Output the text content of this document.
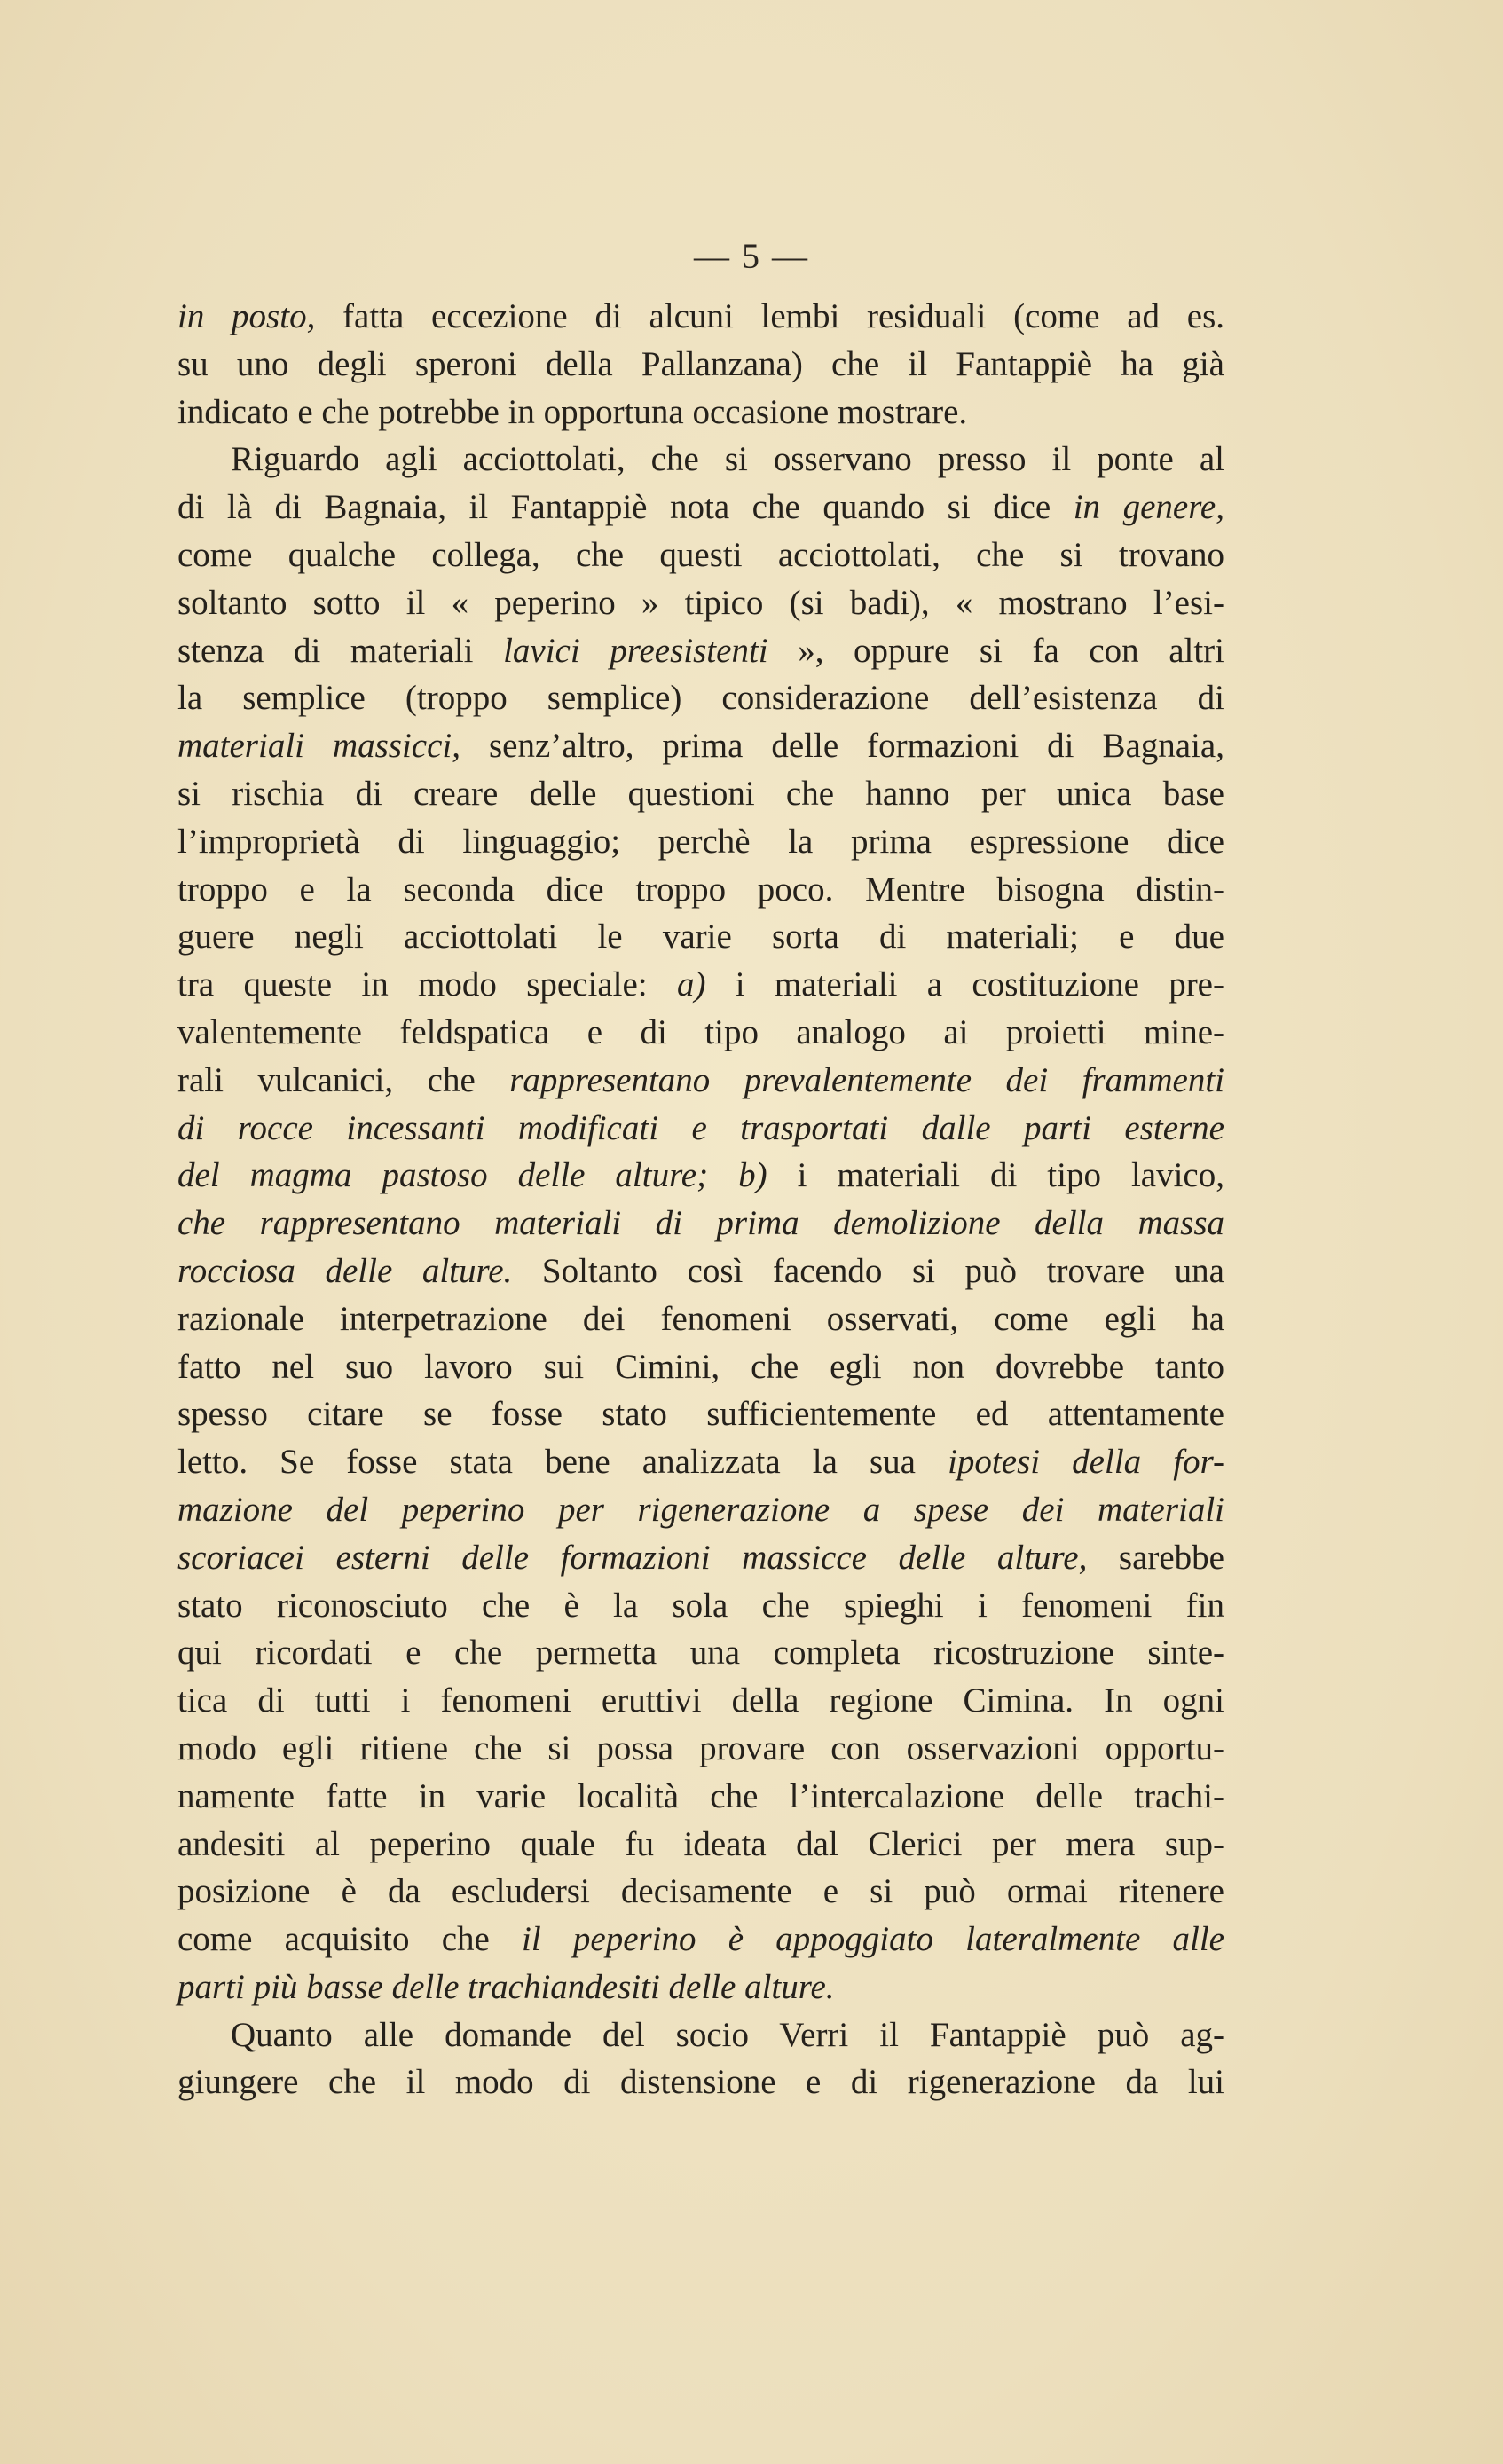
— 5 —
in posto, fatta eccezione di alcuni lembi residuali (come ad es.
su uno degli speroni della Pallanzana) che il Fantappiè ha già
indicato e che potrebbe in opportuna occasione mostrare.
Riguardo agli acciottolati, che si osservano presso il ponte al
di là di Bagnaia, il Fantappiè nota che quando si dice in genere,
come qualche collega, che questi acciottolati, che si trovano
soltanto sotto il « peperino » tipico (si badi), « mostrano l’esi-
stenza di materiali lavici preesistenti », oppure si fa con altri
la semplice (troppo semplice) considerazione dell’esistenza di
materiali massicci, senz’altro, prima delle formazioni di Bagnaia,
si rischia di creare delle questioni che hanno per unica base
l’improprietà di linguaggio; perchè la prima espressione dice
troppo e la seconda dice troppo poco. Mentre bisogna distin-
guere negli acciottolati le varie sorta di materiali; e due
tra queste in modo speciale: a) i materiali a costituzione pre-
valentemente feldspatica e di tipo analogo ai proietti mine-
rali vulcanici, che rappresentano prevalentemente dei frammenti
di rocce incessanti modificati e trasportati dalle parti esterne
del magma pastoso delle alture; b) i materiali di tipo lavico,
che rappresentano materiali di prima demolizione della massa
rocciosa delle alture. Soltanto così facendo si può trovare una
razionale interpetrazione dei fenomeni osservati, come egli ha
fatto nel suo lavoro sui Cimini, che egli non dovrebbe tanto
spesso citare se fosse stato sufficientemente ed attentamente
letto. Se fosse stata bene analizzata la sua ipotesi della for-
mazione del peperino per rigenerazione a spese dei materiali
scoriacei esterni delle formazioni massicce delle alture, sarebbe
stato riconosciuto che è la sola che spieghi i fenomeni fin
qui ricordati e che permetta una completa ricostruzione sinte-
tica di tutti i fenomeni eruttivi della regione Cimina. In ogni
modo egli ritiene che si possa provare con osservazioni opportu-
namente fatte in varie località che l’intercalazione delle trachi-
andesiti al peperino quale fu ideata dal Clerici per mera sup-
posizione è da escludersi decisamente e si può ormai ritenere
come acquisito che il peperino è appoggiato lateralmente alle
parti più basse delle trachiandesiti delle alture.
Quanto alle domande del socio Verri il Fantappiè può ag-
giungere che il modo di distensione e di rigenerazione da lui
